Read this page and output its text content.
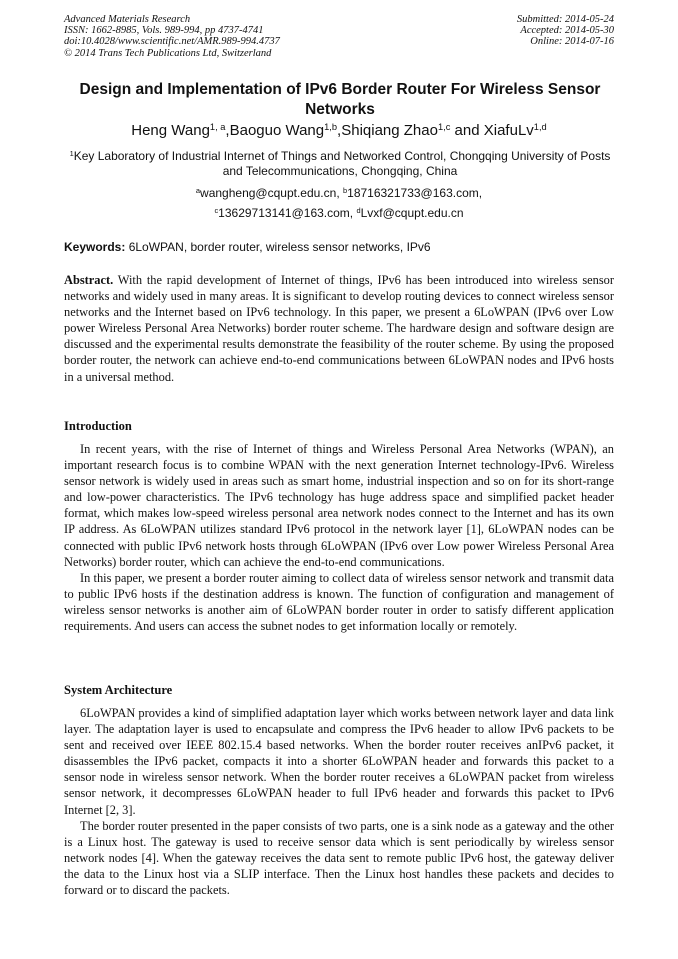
Advanced Materials Research
ISSN: 1662-8985, Vols. 989-994, pp 4737-4741
doi:10.4028/www.scientific.net/AMR.989-994.4737
© 2014 Trans Tech Publications Ltd, Switzerland
Submitted: 2014-05-24
Accepted: 2014-05-30
Online: 2014-07-16
Design and Implementation of IPv6 Border Router For Wireless Sensor Networks
Heng Wang$^{1, a}$,Baoguo Wang$^{1,b}$,Shiqiang Zhao$^{1,c}$ and XiafuLv$^{1,d}$
$^1$Key Laboratory of Industrial Internet of Things and Networked Control, Chongqing University of Posts and Telecommunications, Chongqing, China
$^a$wangheng@cqupt.edu.cn, $^b$18716321733@163.com,
$^c$13629713141@163.com, $^d$Lvxf@cqupt.edu.cn
Keywords: 6LoWPAN, border router, wireless sensor networks, IPv6
Abstract. With the rapid development of Internet of things, IPv6 has been introduced into wireless sensor networks and widely used in many areas. It is significant to develop routing devices to connect wireless sensor networks and the Internet based on IPv6 technology. In this paper, we present a 6LoWPAN (IPv6 over Low power Wireless Personal Area Networks) border router scheme. The hardware design and software design are discussed and the experimental results demonstrate the feasibility of the router scheme. By using the proposed border router, the network can achieve end-to-end communications between 6LoWPAN nodes and IPv6 hosts in a universal method.
Introduction

In recent years, with the rise of Internet of things and Wireless Personal Area Networks (WPAN), an important research focus is to combine WPAN with the next generation Internet technology-IPv6. Wireless sensor network is widely used in areas such as smart home, industrial inspection and so on for its short-range and low-power characteristics. The IPv6 technology has huge address space and simplified packet header format, which makes low-speed wireless personal area network nodes connect to the Internet and has its own IP address. As 6LoWPAN utilizes standard IPv6 protocol in the network layer [1], 6LoWPAN nodes can be connected with public IPv6 network hosts through 6LoWPAN (IPv6 over Low power Wireless Personal Area Networks) border router, which can achieve the end-to-end communications.

In this paper, we present a border router aiming to collect data of wireless sensor network and transmit data to public IPv6 hosts if the destination address is known. The function of configuration and management of wireless sensor networks is another aim of 6LoWPAN border router in order to satisfy different application requirements. And users can access the subnet nodes to get information locally or remotely.

System Architecture

6LoWPAN provides a kind of simplified adaptation layer which works between network layer and data link layer. The adaptation layer is used to encapsulate and compress the IPv6 header to allow IPv6 packets to be sent and received over IEEE 802.15.4 based networks. When the border router receives anIPv6 packet, it disassembles the IPv6 packet, compacts it into a shorter 6LoWPAN header and forwards this packet to a sensor node in wireless sensor network. When the border router receives a 6LoWPAN packet from wireless sensor network, it decompresses 6LoWPAN header to full IPv6 header and forwards this packet to IPv6 Internet [2, 3].

The border router presented in the paper consists of two parts, one is a sink node as a gateway and the other is a Linux host. The gateway is used to receive sensor data which is sent periodically by wireless sensor network nodes [4]. When the gateway receives the data sent to remote public IPv6 host, the gateway deliver the data to the Linux host via a SLIP interface. Then the Linux host handles these packets and decides to forward or to discard the packets.
